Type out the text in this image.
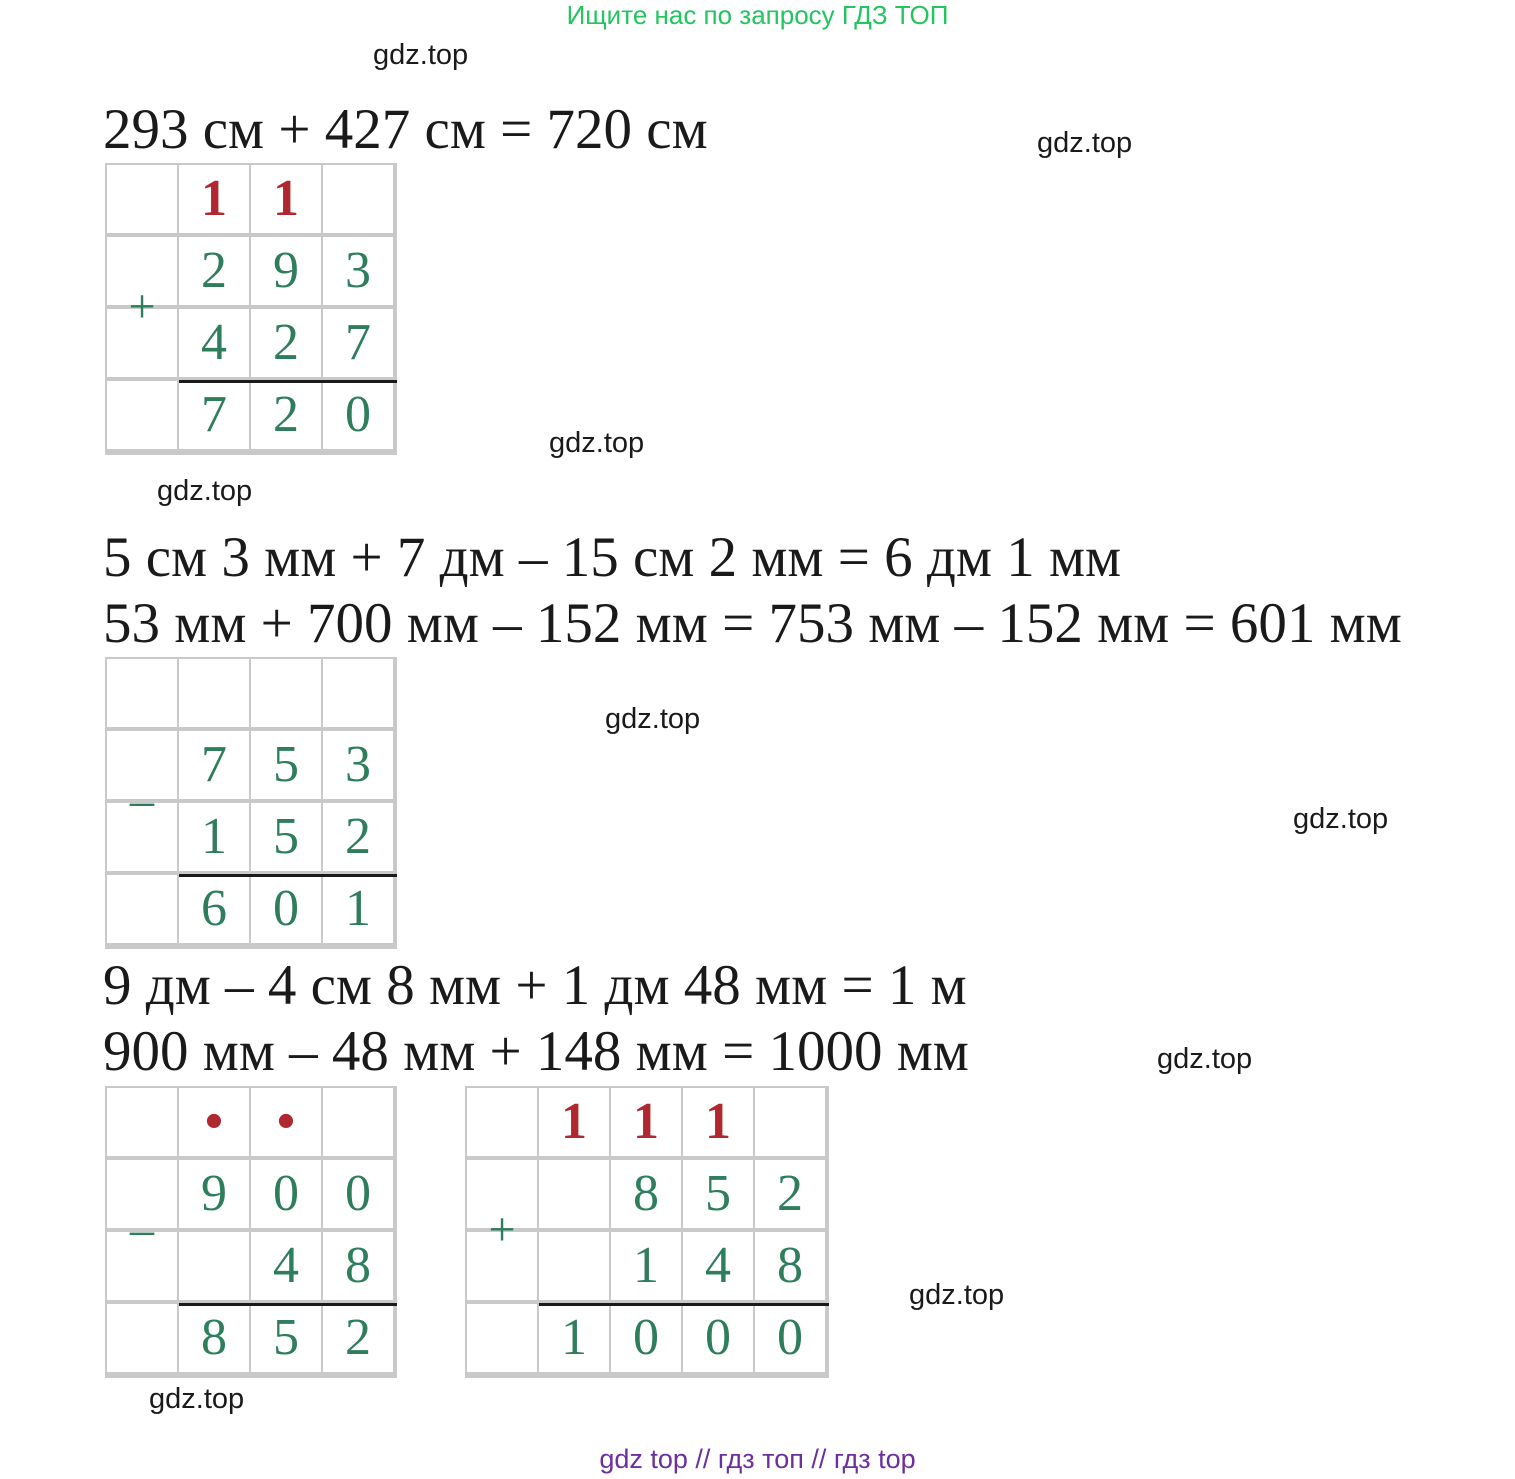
Ищите нас по запросу ГДЗ ТОП
gdz.top
gdz.top
gdz.top
gdz.top
gdz.top
gdz.top
gdz.top
gdz.top
gdz.top
293 см + 427 см = 720 см
5 см 3 мм + 7 дм – 15 см 2 мм = 6 дм 1 мм
53 мм + 700 мм – 152 мм = 753 мм – 152 мм = 601 мм
9 дм – 4 см 8 мм + 1 дм 48 мм = 1 м
900 мм – 48 мм + 148 мм = 1000 мм
1 1
2 9 3
4 2 7
7 2 0
+
7 5 3
1 5 2
6 0 1
–
•	•
9 0 0
4 8
8 5 2
–
1 1 1
8 5 2
1 4 8
1 0 0 0
+
gdz top // гдз топ // гдз top
